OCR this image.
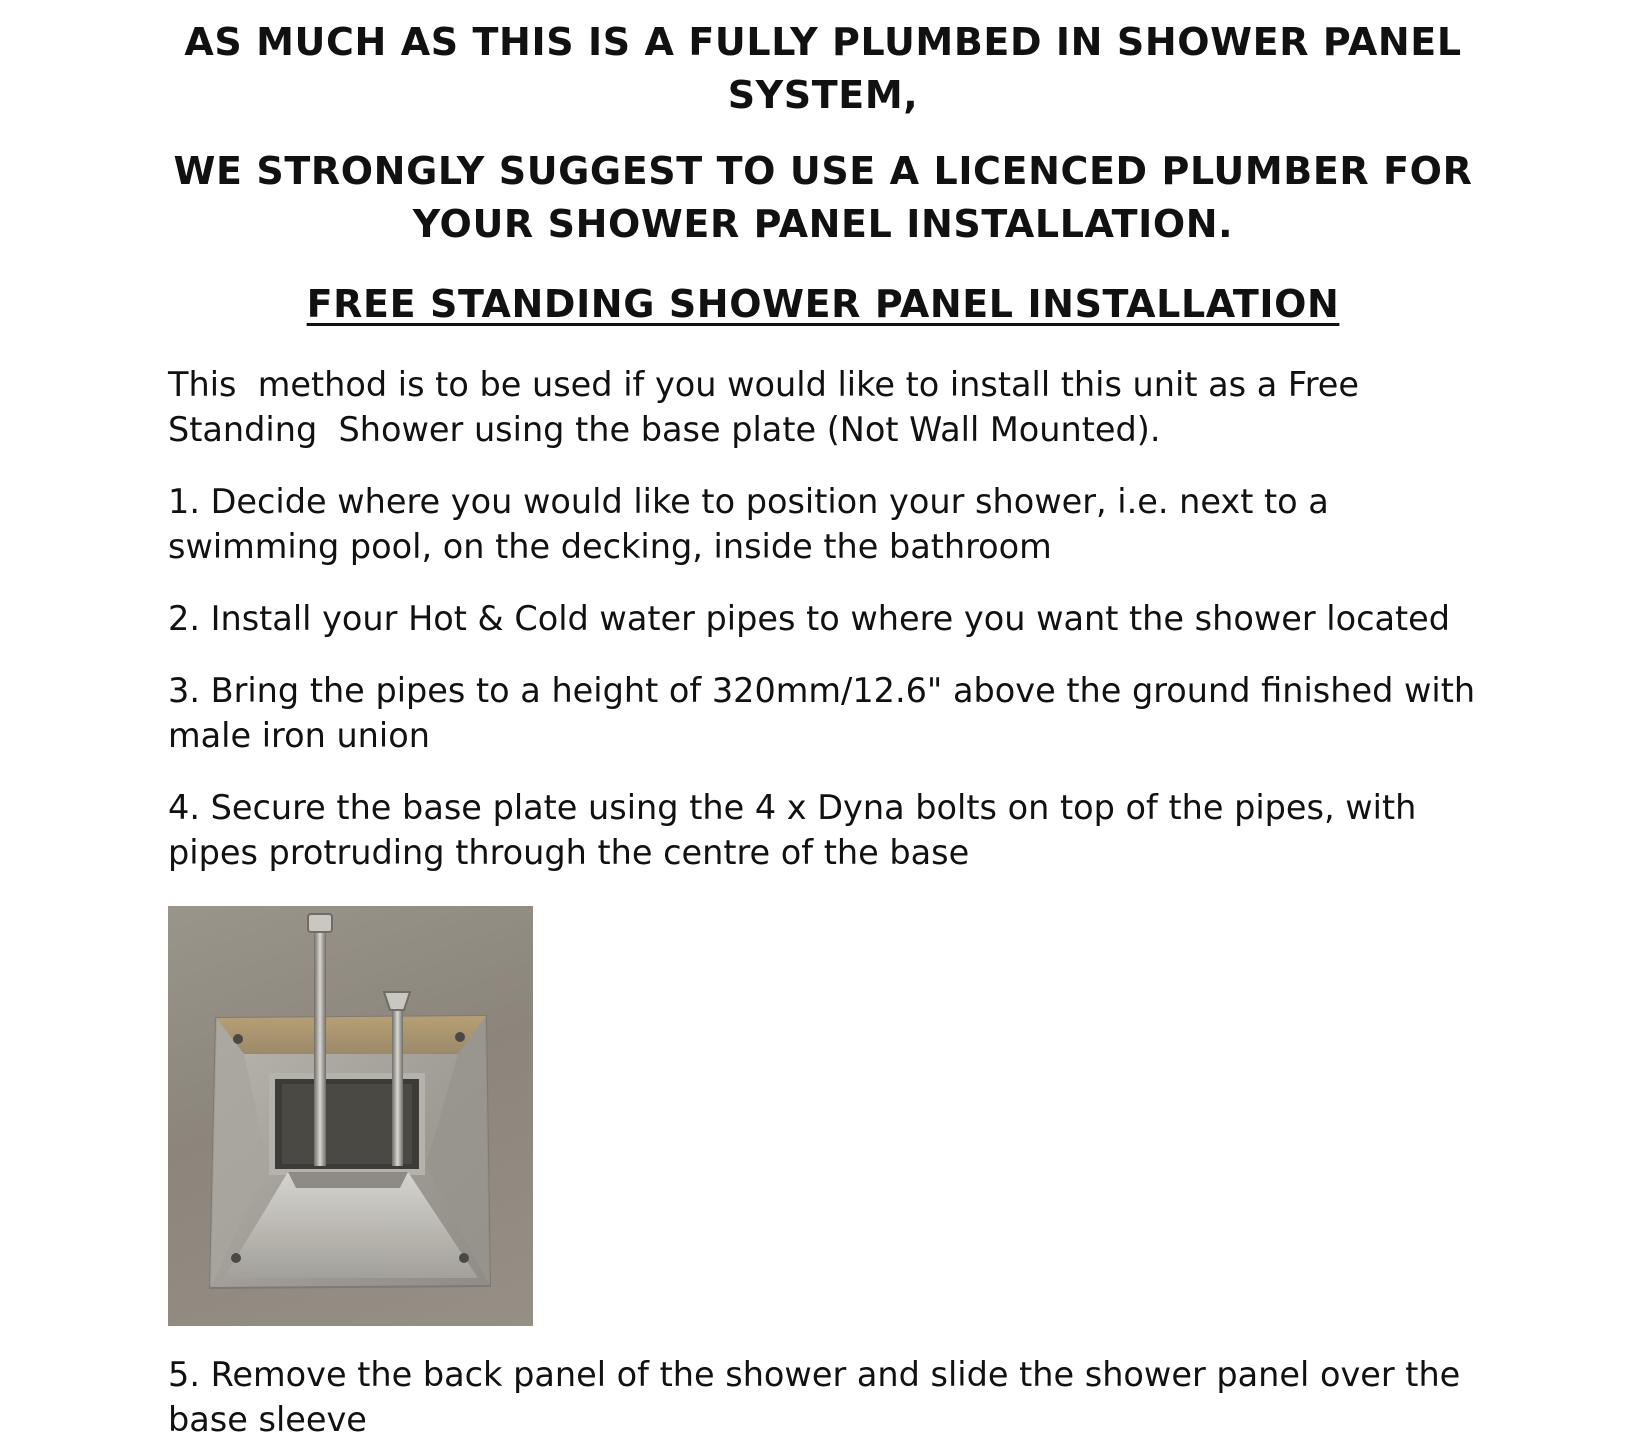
AS MUCH AS THIS IS A FULLY PLUMBED IN SHOWER PANEL SYSTEM,

WE STRONGLY SUGGEST TO USE A LICENCED PLUMBER FOR YOUR SHOWER PANEL INSTALLATION.

FREE STANDING SHOWER PANEL INSTALLATION

This  method is to be used if you would like to install this unit as a Free Standing  Shower using the base plate (Not Wall Mounted).

1. Decide where you would like to position your shower, i.e. next to a swimming pool, on the decking, inside the bathroom

2. Install your Hot & Cold water pipes to where you want the shower located

3. Bring the pipes to a height of 320mm/12.6" above the ground finished with male iron union

4. Secure the base plate using the 4 x Dyna bolts on top of the pipes, with pipes protruding through the centre of the base

5. Remove the back panel of the shower and slide the shower panel over the base sleeve
